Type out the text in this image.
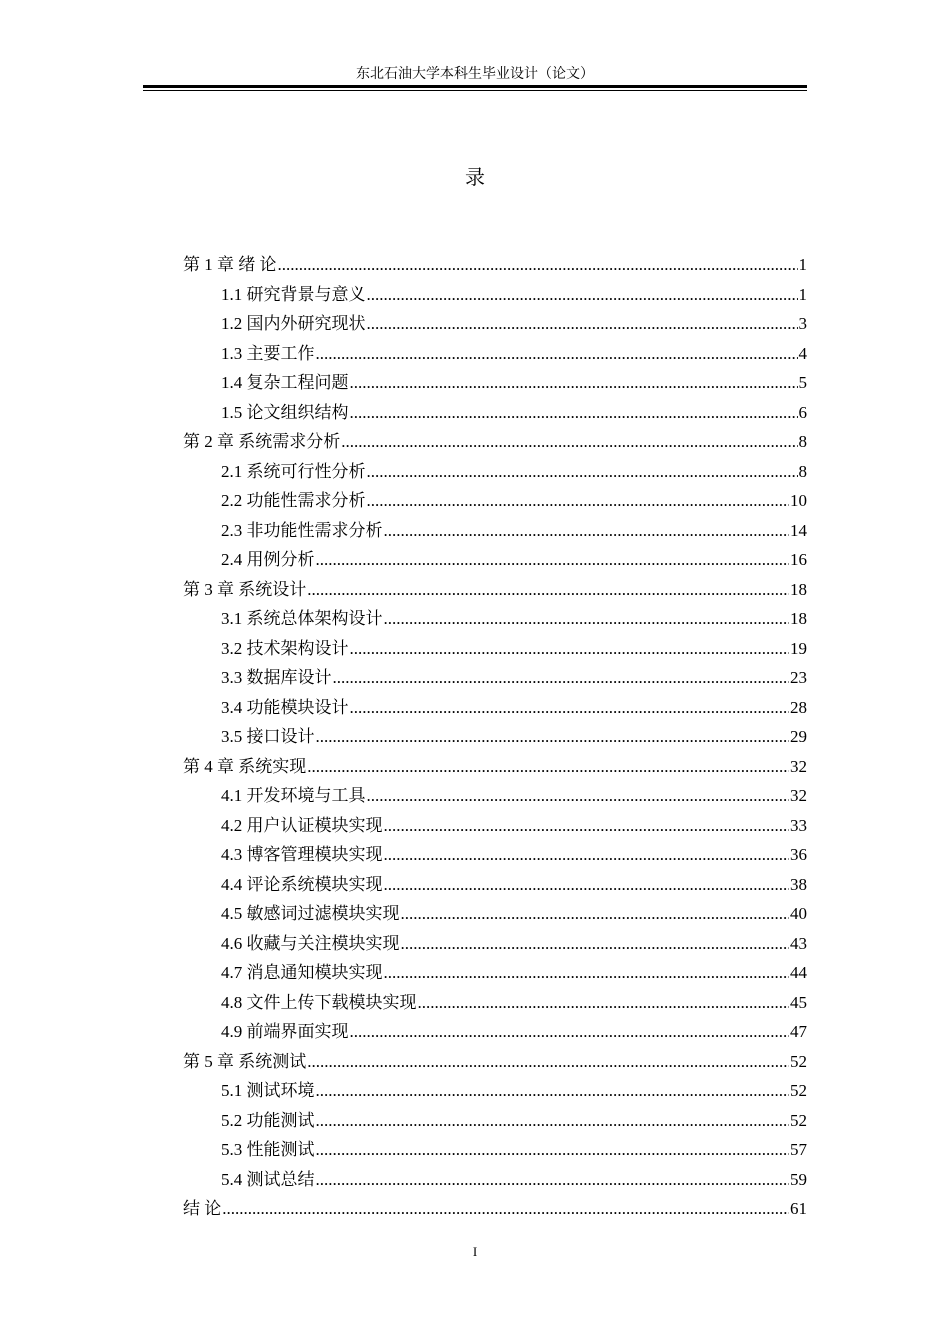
东北石油大学本科生毕业设计（论文）
录
第 1 章 绪 论 .....	1
1.1 研究背景与意义 .....	1
1.2 国内外研究现状 .....	3
1.3 主要工作 .....	4
1.4 复杂工程问题 .....	5
1.5 论文组织结构 .....	6
第 2 章 系统需求分析 .....	8
2.1 系统可行性分析 .....	8
2.2 功能性需求分析 .....	10
2.3 非功能性需求分析 .....	14
2.4 用例分析 .....	16
第 3 章 系统设计 .....	18
3.1 系统总体架构设计 .....	18
3.2 技术架构设计 .....	19
3.3 数据库设计 .....	23
3.4 功能模块设计 .....	28
3.5 接口设计 .....	29
第 4 章 系统实现 .....	32
4.1 开发环境与工具 .....	32
4.2 用户认证模块实现 .....	33
4.3 博客管理模块实现 .....	36
4.4 评论系统模块实现 .....	38
4.5 敏感词过滤模块实现 .....	40
4.6 收藏与关注模块实现 .....	43
4.7 消息通知模块实现 .....	44
4.8 文件上传下载模块实现 .....	45
4.9 前端界面实现 .....	47
第 5 章 系统测试 .....	52
5.1 测试环境 .....	52
5.2 功能测试 .....	52
5.3 性能测试 .....	57
5.4 测试总结 .....	59
结 论 .....	61
I
